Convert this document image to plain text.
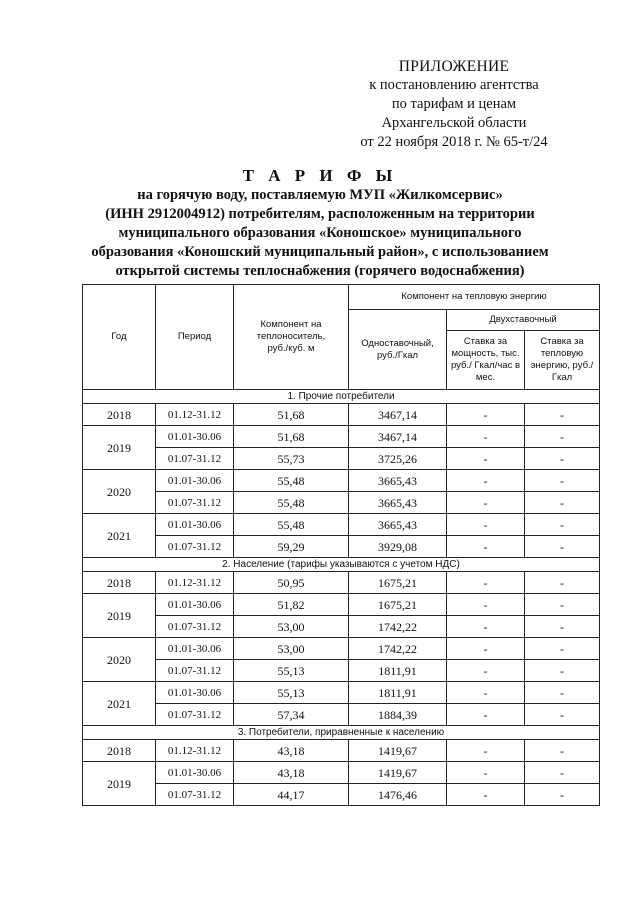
ПРИЛОЖЕНИЕ
к постановлению агентства
по тарифам и ценам
Архангельской области
от 22 ноября 2018 г. № 65-т/24
Т А Р И Ф Ы
на горячую воду, поставляемую МУП «Жилкомсервис»
(ИНН 2912004912) потребителям, расположенным на территории
муниципального образования «Коношское» муниципального
образования «Коношский муниципальный район», с использованием
открытой системы теплоснабжения (горячего водоснабжения)
Год	Период	Компонент на теплоноситель, руб./куб. м	Компонент на тепловую энергию		
			Одноставочный, руб./Гкал	Двухставочный	
				Ставка за мощность, тыс. руб./ Гкал/час в мес.	Ставка за тепловую энергию, руб./Гкал
1. Прочие потребители					
2018	01.12-31.12	51,68	3467,14	-	-
2019	01.01-30.06	51,68	3467,14	-	-
	01.07-31.12	55,73	3725,26	-	-
2020	01.01-30.06	55,48	3665,43	-	-
	01.07-31.12	55,48	3665,43	-	-
2021	01.01-30.06	55,48	3665,43	-	-
	01.07-31.12	59,29	3929,08	-	-
2. Население (тарифы указываются с учетом НДС)					
2018	01.12-31.12	50,95	1675,21	-	-
2019	01.01-30.06	51,82	1675,21	-	-
	01.07-31.12	53,00	1742,22	-	-
2020	01.01-30.06	53,00	1742,22	-	-
	01.07-31.12	55,13	1811,91	-	-
2021	01.01-30.06	55,13	1811,91	-	-
	01.07-31.12	57,34	1884,39	-	-
3. Потребители, приравненные к населению					
2018	01.12-31.12	43,18	1419,67	-	-
2019	01.01-30.06	43,18	1419,67	-	-
	01.07-31.12	44,17	1476,46	-	-
